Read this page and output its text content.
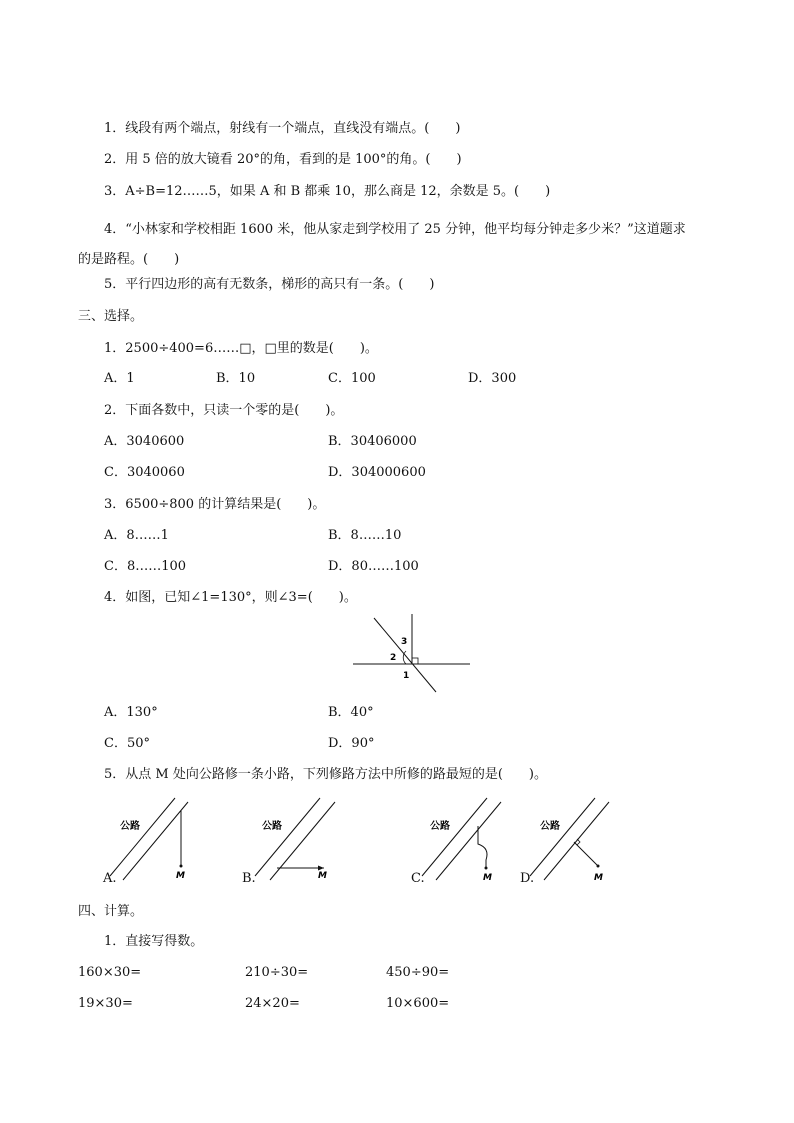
1．线段有两个端点，射线有一个端点，直线没有端点。(　　)
2．用 5 倍的放大镜看 20°的角，看到的是 100°的角。(　　)
3．A÷B=12……5，如果 A 和 B 都乘 10，那么商是 12，余数是 5。(　　)
4．“小林家和学校相距 1600 米，他从家走到学校用了 25 分钟，他平均每分钟走多少米？”这道题求的是路程。(　　)
5．平行四边形的高有无数条，梯形的高只有一条。(　　)
三、选择。
1．2500÷400=6……□，□里的数是(　　)。
A．1	B．10	C．100	D．300
2．下面各数中，只读一个零的是(　　)。
A．3040600	B．30406000
C．3040060	D．304000600
3．6500÷800 的计算结果是(　　)。
A．8……1	B．8……10
C．8……100	D．80……100
4．如图，已知∠1=130°，则∠3=(　　)。
3
2
1
A．130°	B．40°
C．50°	D．90°
5．从点 M 处向公路修一条小路，下列修路方法中所修的路最短的是(　　)。
公路
M
A.
公路
M
B.
公路
M
C.
公路
M
D.
四、计算。
1．直接写得数。
160×30=	210÷30=	450÷90=
19×30=	24×20=	10×600=
